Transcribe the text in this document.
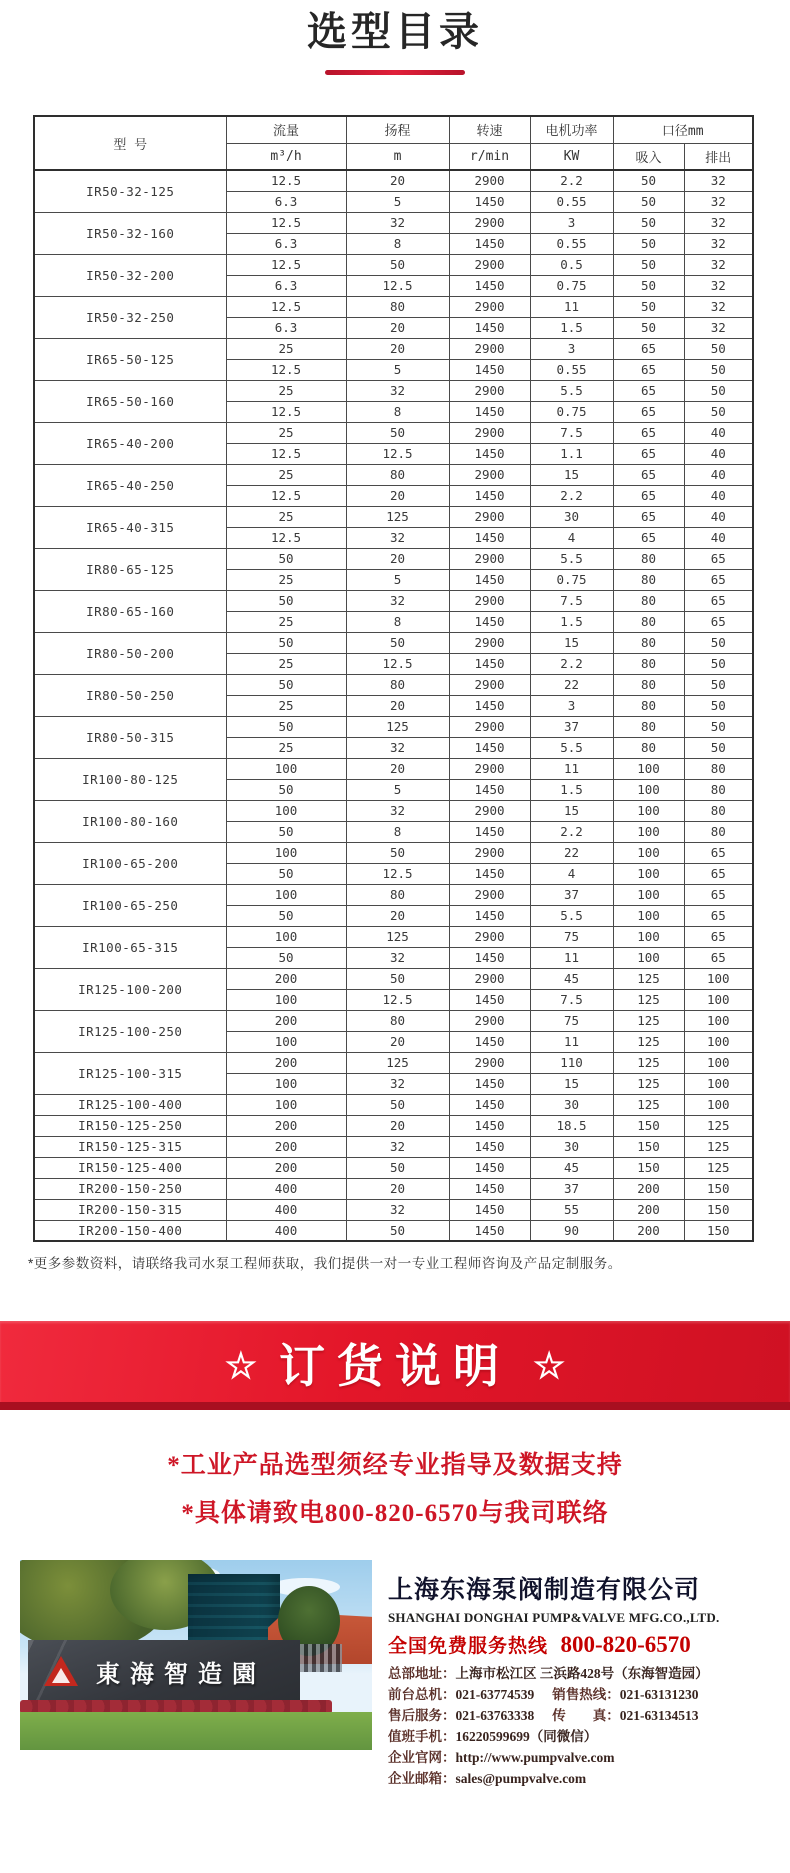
选型目录
型 号	流量	扬程	转速	电机功率	口径mm	
	m³/h	m	r/min	KW	吸入	排出
IR50-32-125	12.5	20	2900	2.2	50	32
	6.3	5	1450	0.55	50	32
IR50-32-160	12.5	32	2900	3	50	32
	6.3	8	1450	0.55	50	32
IR50-32-200	12.5	50	2900	0.5	50	32
	6.3	12.5	1450	0.75	50	32
IR50-32-250	12.5	80	2900	11	50	32
	6.3	20	1450	1.5	50	32
IR65-50-125	25	20	2900	3	65	50
	12.5	5	1450	0.55	65	50
IR65-50-160	25	32	2900	5.5	65	50
	12.5	8	1450	0.75	65	50
IR65-40-200	25	50	2900	7.5	65	40
	12.5	12.5	1450	1.1	65	40
IR65-40-250	25	80	2900	15	65	40
	12.5	20	1450	2.2	65	40
IR65-40-315	25	125	2900	30	65	40
	12.5	32	1450	4	65	40
IR80-65-125	50	20	2900	5.5	80	65
	25	5	1450	0.75	80	65
IR80-65-160	50	32	2900	7.5	80	65
	25	8	1450	1.5	80	65
IR80-50-200	50	50	2900	15	80	50
	25	12.5	1450	2.2	80	50
IR80-50-250	50	80	2900	22	80	50
	25	20	1450	3	80	50
IR80-50-315	50	125	2900	37	80	50
	25	32	1450	5.5	80	50
IR100-80-125	100	20	2900	11	100	80
	50	5	1450	1.5	100	80
IR100-80-160	100	32	2900	15	100	80
	50	8	1450	2.2	100	80
IR100-65-200	100	50	2900	22	100	65
	50	12.5	1450	4	100	65
IR100-65-250	100	80	2900	37	100	65
	50	20	1450	5.5	100	65
IR100-65-315	100	125	2900	75	100	65
	50	32	1450	11	100	65
IR125-100-200	200	50	2900	45	125	100
	100	12.5	1450	7.5	125	100
IR125-100-250	200	80	2900	75	125	100
	100	20	1450	11	125	100
IR125-100-315	200	125	2900	110	125	100
	100	32	1450	15	125	100
IR125-100-400	100	50	1450	30	125	100
IR150-125-250	200	20	1450	18.5	150	125
IR150-125-315	200	32	1450	30	150	125
IR150-125-400	200	50	1450	45	150	125
IR200-150-250	400	20	1450	37	200	150
IR200-150-315	400	32	1450	55	200	150
IR200-150-400	400	50	1450	90	200	150
*更多参数资料，请联络我司水泵工程师获取，我们提供一对一专业工程师咨询及产品定制服务。
☆ 订货说明 ☆
*工业产品选型须经专业指导及数据支持
*具体请致电800-820-6570与我司联络
東海智造園
上海东海泵阀制造有限公司
SHANGHAI DONGHAI PUMP&VALVE MFG.CO.,LTD.
全国免费服务热线 800-820-6570
总部地址：上海市松江区 三浜路428号（东海智造园）
前台总机：021-63774539 销售热线：021-63131230
售后服务：021-63763338 传　　真：021-63134513
值班手机：16220599699（同微信）
企业官网：http://www.pumpvalve.com
企业邮箱：sales@pumpvalve.com
